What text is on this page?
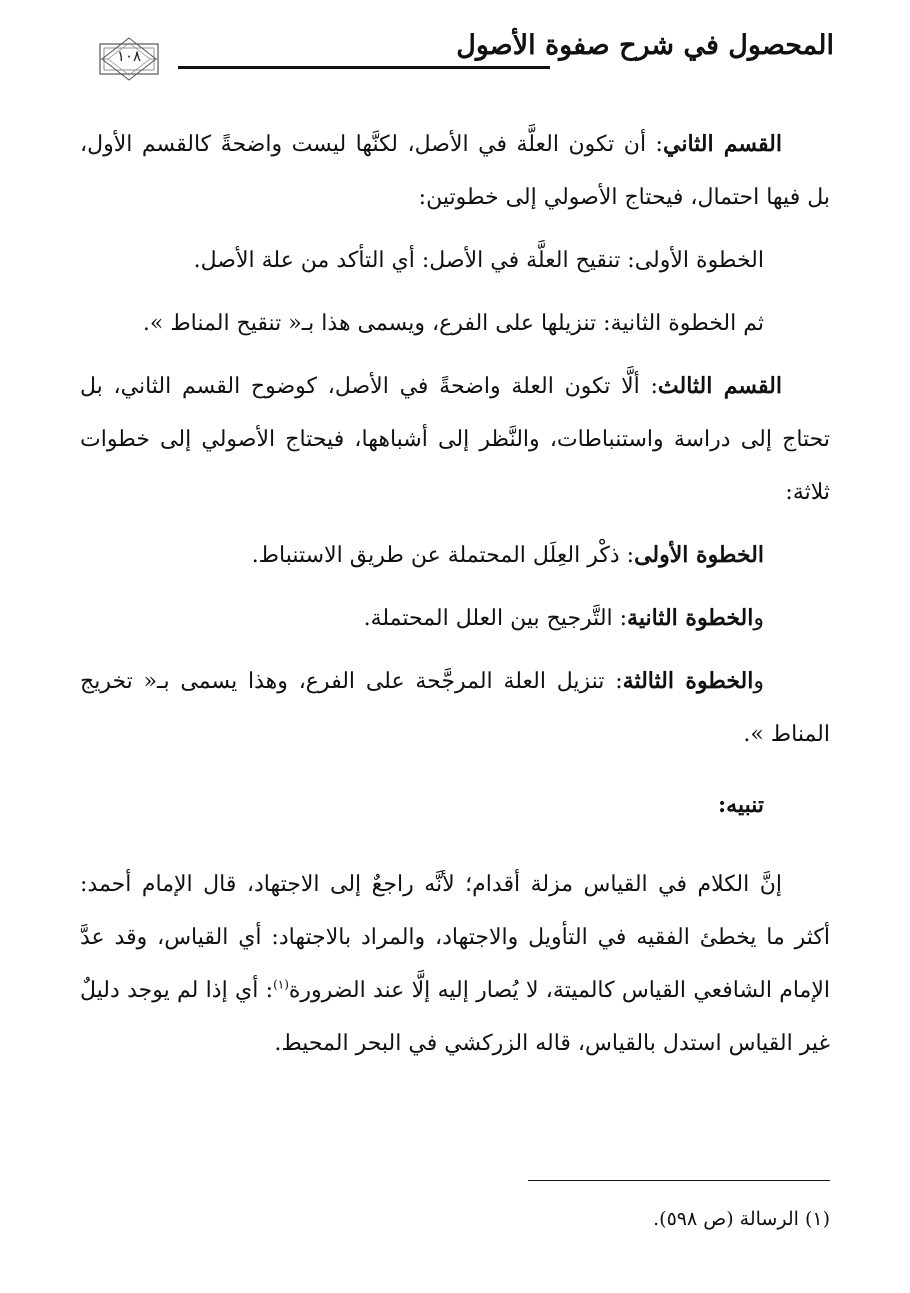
١٠٨	المحصول في شرح صفوة الأصول

القسم الثاني: أن تكون العلَّة في الأصل، لكنَّها ليست واضحةً كالقسم الأول، بل فيها احتمال، فيحتاج الأصولي إلى خطوتين:

الخطوة الأولى: تنقيح العلَّة في الأصل: أي التأكد من علة الأصل.

ثم الخطوة الثانية: تنزيلها على الفرع، ويسمى هذا بـ« تنقيح المناط ».

القسم الثالث: ألَّا تكون العلة واضحةً في الأصل، كوضوح القسم الثاني، بل تحتاج إلى دراسة واستنباطات، والنَّظر إلى أشباهها، فيحتاج الأصولي إلى خطوات ثلاثة:

الخطوة الأولى: ذكْر العِلَل المحتملة عن طريق الاستنباط.

والخطوة الثانية: التَّرجيح بين العلل المحتملة.

والخطوة الثالثة: تنزيل العلة المرجَّحة على الفرع، وهذا يسمى بـ« تخريج المناط ».

تنبيه:

إنَّ الكلام في القياس مزلة أقدام؛ لأنَّه راجعٌ إلى الاجتهاد، قال الإمام أحمد: أكثر ما يخطئ الفقيه في التأويل والاجتهاد، والمراد بالاجتهاد: أي القياس، وقد عدَّ الإمام الشافعي القياس كالميتة، لا يُصار إليه إلَّا عند الضرورة$^{(١)}$: أي إذا لم يوجد دليلٌ غير القياس استدل بالقياس، قاله الزركشي في البحر المحيط.

(١) الرسالة (ص ٥٩٨).
